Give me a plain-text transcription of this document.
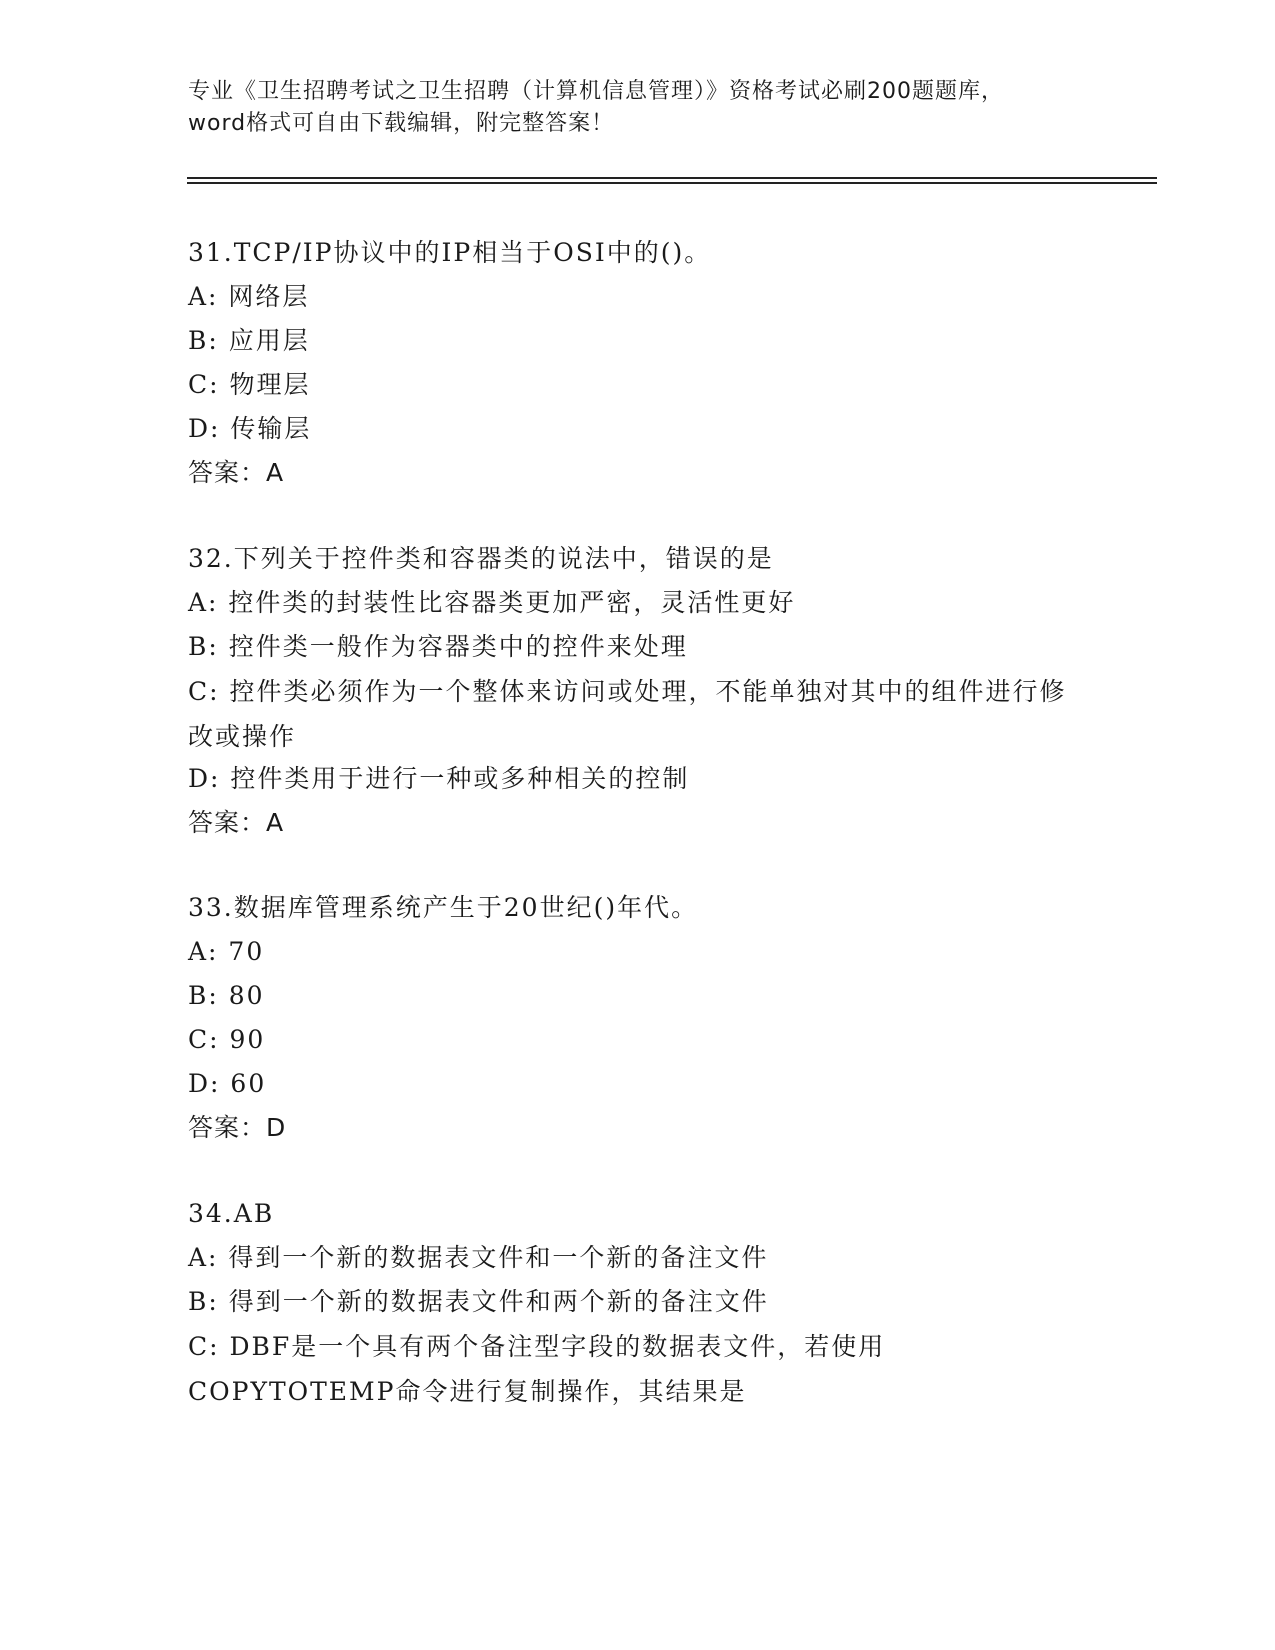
专业《卫生招聘考试之卫生招聘（计算机信息管理）》资格考试必刷200题题库，
word格式可自由下载编辑，附完整答案！
31.TCP/IP协议中的IP相当于OSI中的()。
A: 网络层
B: 应用层
C: 物理层
D: 传输层
答案：A
32.下列关于控件类和容器类的说法中，错误的是
A: 控件类的封装性比容器类更加严密，灵活性更好
B: 控件类一般作为容器类中的控件来处理
C: 控件类必须作为一个整体来访问或处理，不能单独对其中的组件进行修改或操作
D: 控件类用于进行一种或多种相关的控制
答案：A
33.数据库管理系统产生于20世纪()年代。
A: 70
B: 80
C: 90
D: 60
答案：D
34.AB
A: 得到一个新的数据表文件和一个新的备注文件
B: 得到一个新的数据表文件和两个新的备注文件
C: DBF是一个具有两个备注型字段的数据表文件，若使用COPYTOTEMP命令进行复制操作，其结果是
